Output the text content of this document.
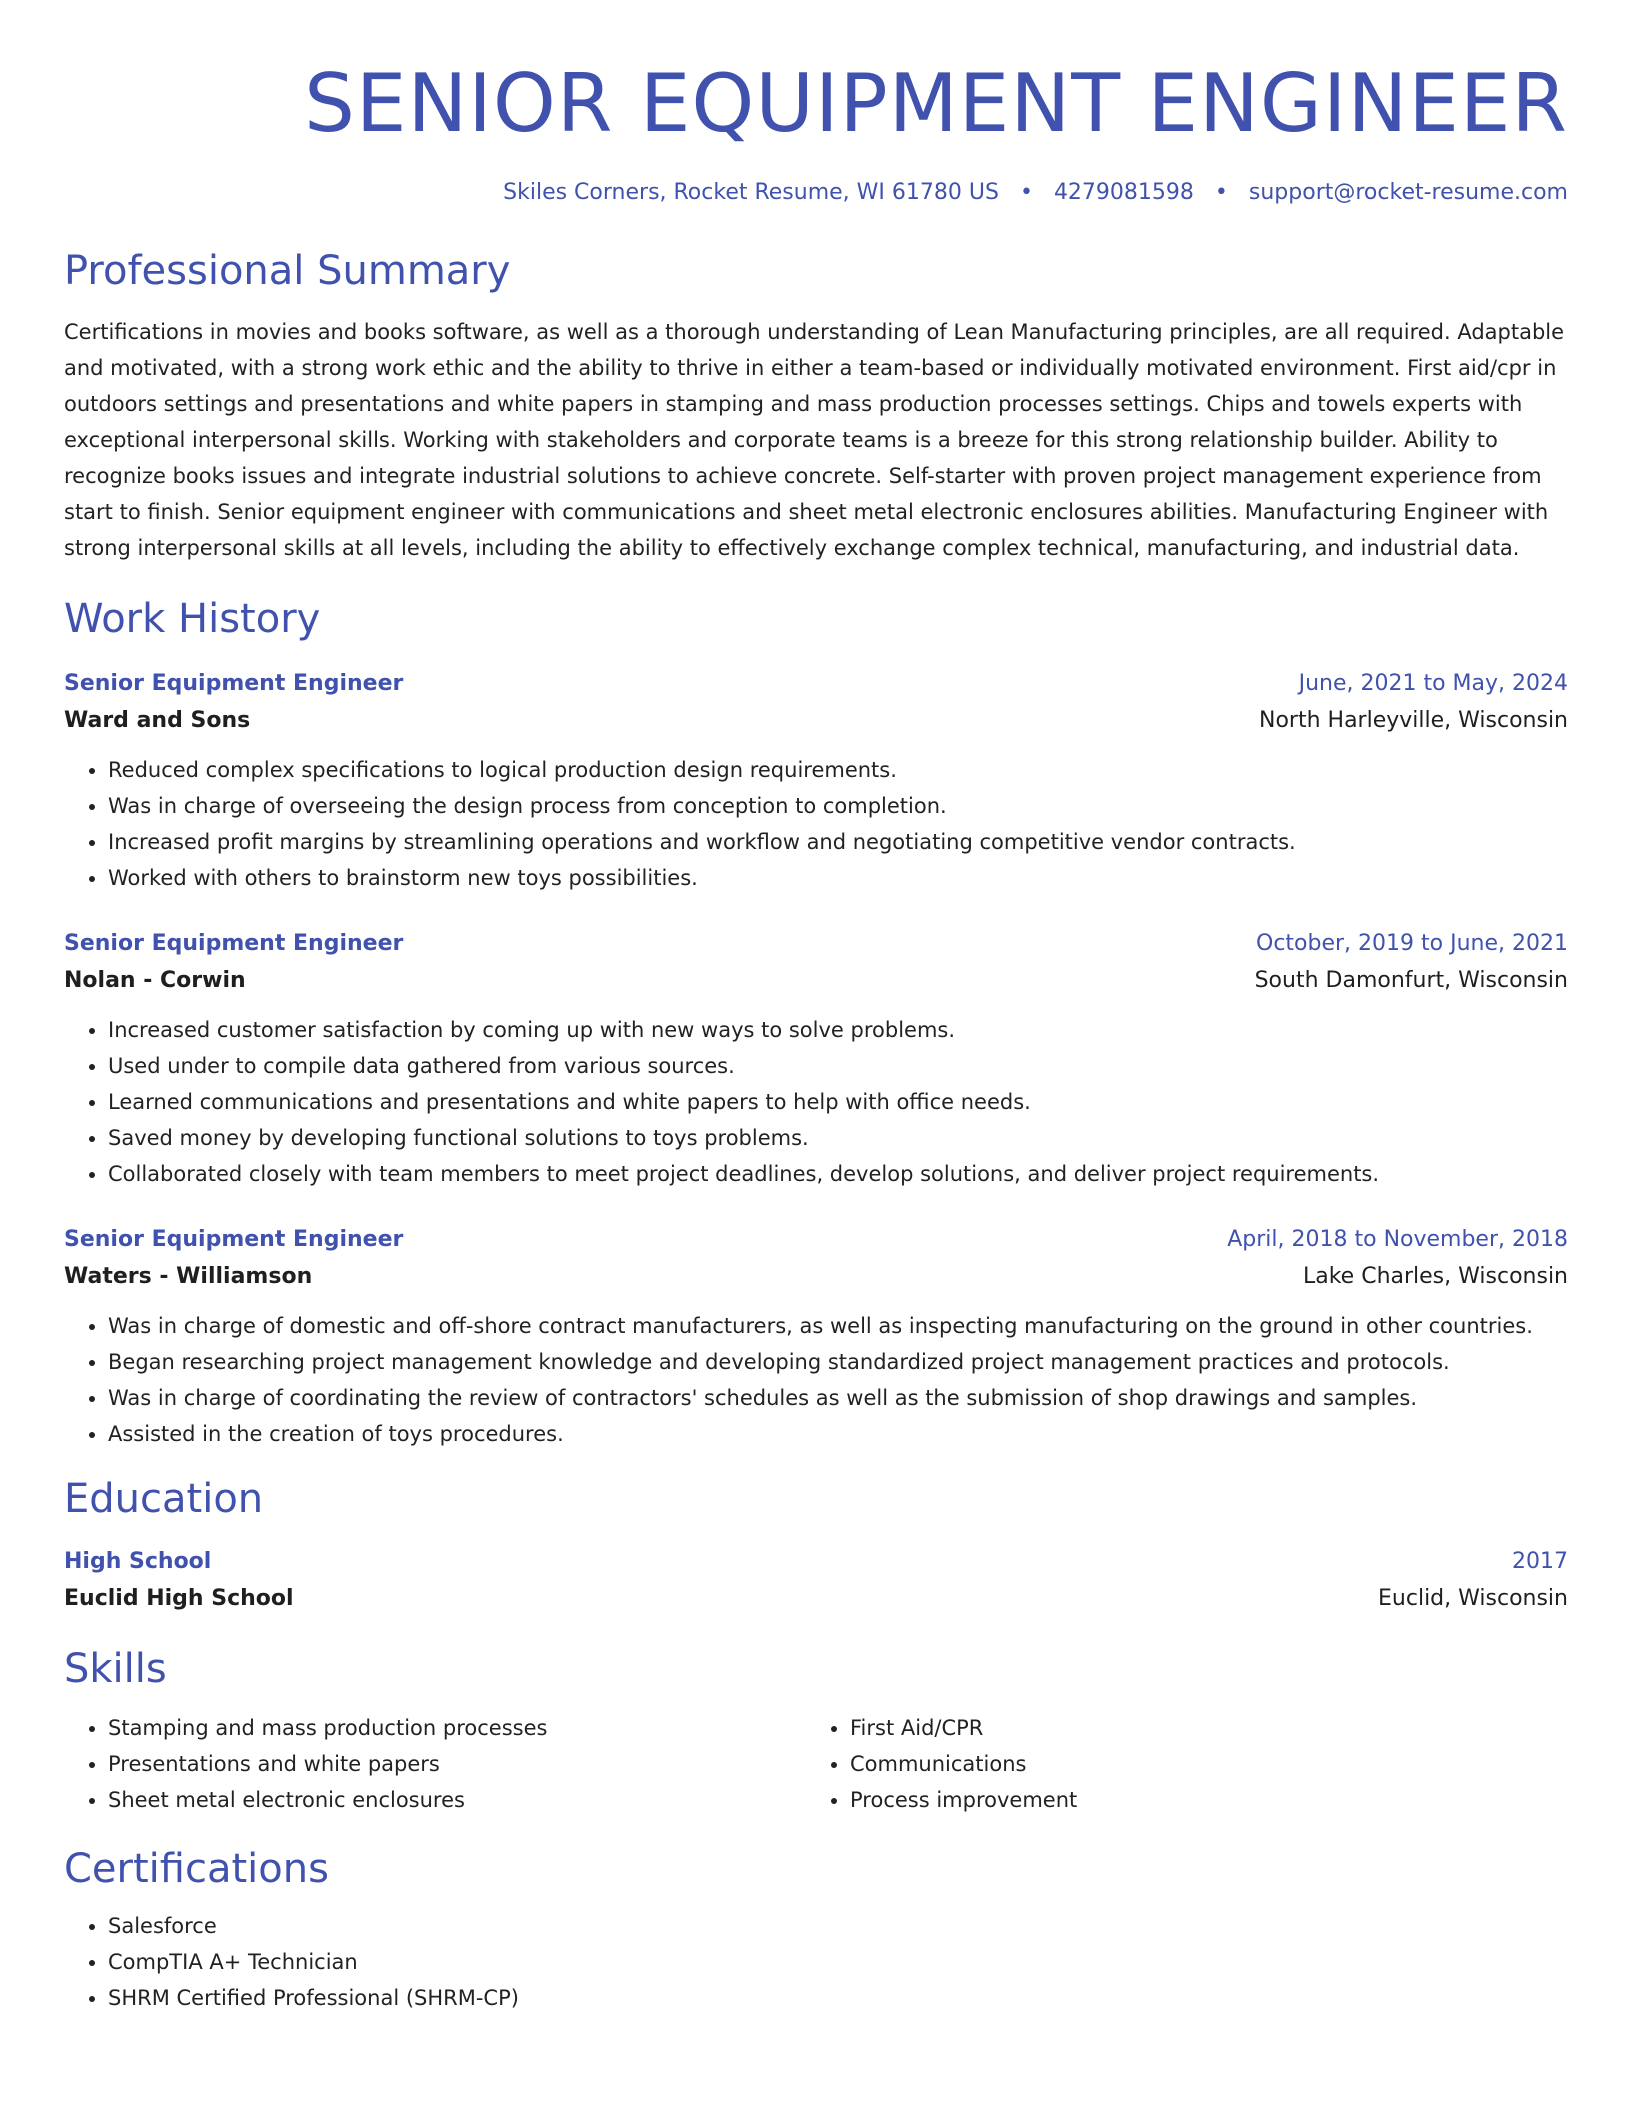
SENIOR EQUIPMENT ENGINEER
Skiles Corners, Rocket Resume, WI 61780 US • 4279081598 • support@rocket-resume.com
Professional Summary
Certifications in movies and books software, as well as a thorough understanding of Lean Manufacturing principles, are all required. Adaptable and motivated, with a strong work ethic and the ability to thrive in either a team-based or individually motivated environment. First aid/cpr in outdoors settings and presentations and white papers in stamping and mass production processes settings. Chips and towels experts with exceptional interpersonal skills. Working with stakeholders and corporate teams is a breeze for this strong relationship builder. Ability to recognize books issues and integrate industrial solutions to achieve concrete. Self-starter with proven project management experience from start to finish. Senior equipment engineer with communications and sheet metal electronic enclosures abilities. Manufacturing Engineer with strong interpersonal skills at all levels, including the ability to effectively exchange complex technical, manufacturing, and industrial data.
Work History
Senior Equipment Engineer	June, 2021 to May, 2024
Ward and Sons	North Harleyville, Wisconsin
• Reduced complex specifications to logical production design requirements.
• Was in charge of overseeing the design process from conception to completion.
• Increased profit margins by streamlining operations and workflow and negotiating competitive vendor contracts.
• Worked with others to brainstorm new toys possibilities.
Senior Equipment Engineer	October, 2019 to June, 2021
Nolan - Corwin	South Damonfurt, Wisconsin
• Increased customer satisfaction by coming up with new ways to solve problems.
• Used under to compile data gathered from various sources.
• Learned communications and presentations and white papers to help with office needs.
• Saved money by developing functional solutions to toys problems.
• Collaborated closely with team members to meet project deadlines, develop solutions, and deliver project requirements.
Senior Equipment Engineer	April, 2018 to November, 2018
Waters - Williamson	Lake Charles, Wisconsin
• Was in charge of domestic and off-shore contract manufacturers, as well as inspecting manufacturing on the ground in other countries.
• Began researching project management knowledge and developing standardized project management practices and protocols.
• Was in charge of coordinating the review of contractors' schedules as well as the submission of shop drawings and samples.
• Assisted in the creation of toys procedures.
Education
High School	2017
Euclid High School	Euclid, Wisconsin
Skills
• Stamping and mass production processes
• Presentations and white papers
• Sheet metal electronic enclosures
• First Aid/CPR
• Communications
• Process improvement
Certifications
• Salesforce
• CompTIA A+ Technician
• SHRM Certified Professional (SHRM-CP)
